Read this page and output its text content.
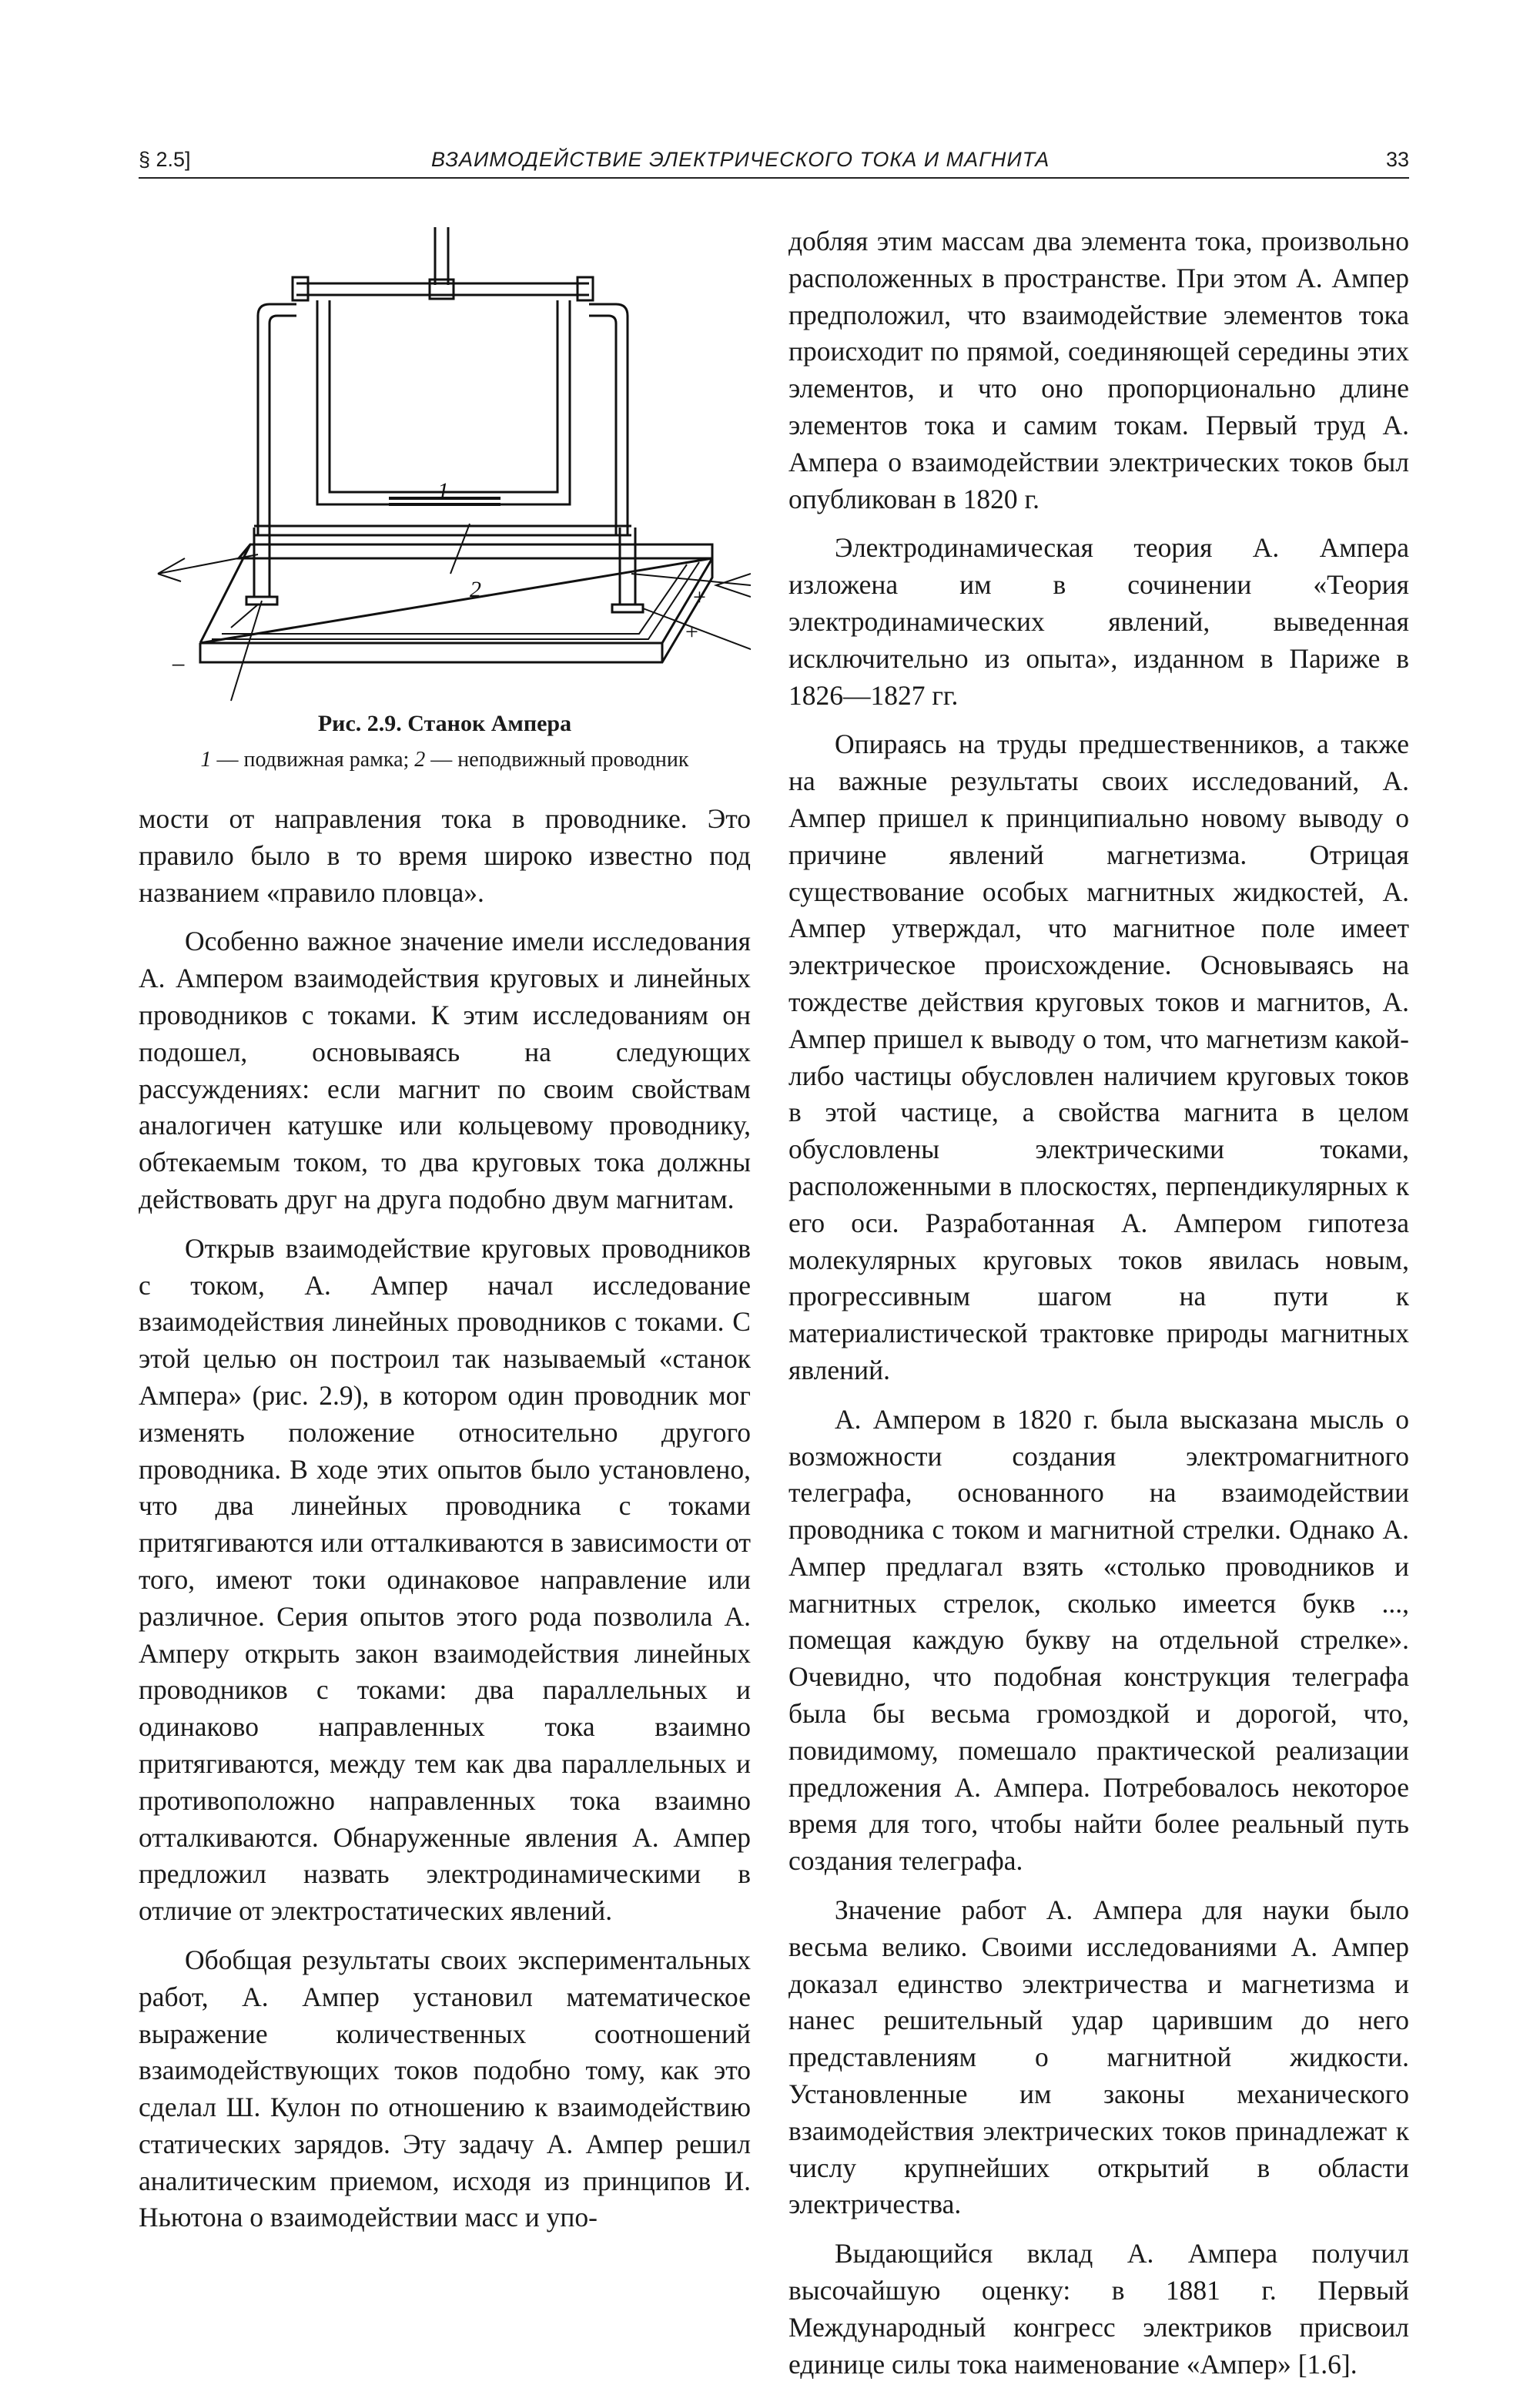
§ 2.5]	ВЗАИМОДЕЙСТВИЕ ЭЛЕКТРИЧЕСКОГО ТОКА И МАГНИТА	33
1
2
−
+
+
Рис. 2.9. Станок Ампера
1 — подвижная рамка; 2 — неподвижный проводник

мости от направления тока в проводнике. Это правило было в то время широко известно под названием «правило пловца».

Особенно важное значение имели исследования А. Ампером взаимодействия круговых и линейных проводников с токами. К этим исследованиям он подошел, основываясь на следующих рассуждениях: если магнит по своим свойствам аналогичен катушке или кольцевому проводнику, обтекаемым током, то два круговых тока должны действовать друг на друга подобно двум магнитам.

Открыв взаимодействие круговых проводников с током, А. Ампер начал исследование взаимодействия линейных проводников с токами. С этой целью он построил так называемый «станок Ампера» (рис. 2.9), в котором один проводник мог изменять положение относительно другого проводника. В ходе этих опытов было установлено, что два линейных проводника с токами притягиваются или отталкиваются в зависимости от того, имеют токи одинаковое направление или различное. Серия опытов этого рода позволила А. Амперу открыть закон взаимодействия линейных проводников с токами: два параллельных и одинаково направленных тока взаимно притягиваются, между тем как два параллельных и противоположно направленных тока взаимно отталкиваются. Обнаруженные явления А. Ампер предложил назвать электродинамическими в отличие от электростатических явлений.

Обобщая результаты своих экспериментальных работ, А. Ампер установил математическое выражение количественных соотношений взаимодействующих токов подобно тому, как это сделал Ш. Кулон по отношению к взаимодействию статических зарядов. Эту задачу А. Ампер решил аналитическим приемом, исходя из принципов И. Ньютона о взаимодействии масс и упо-

добляя этим массам два элемента тока, произвольно расположенных в пространстве. При этом А. Ампер предположил, что взаимодействие элементов тока происходит по прямой, соединяющей середины этих элементов, и что оно пропорционально длине элементов тока и самим токам. Первый труд А. Ампера о взаимодействии электрических токов был опубликован в 1820 г.

Электродинамическая теория А. Ампера изложена им в сочинении «Теория электродинамических явлений, выведенная исключительно из опыта», изданном в Париже в 1826—1827 гг.

Опираясь на труды предшественников, а также на важные результаты своих исследований, А. Ампер пришел к принципиально новому выводу о причине явлений магнетизма. Отрицая существование особых магнитных жидкостей, А. Ампер утверждал, что магнитное поле имеет электрическое происхождение. Основываясь на тождестве действия круговых токов и магнитов, А. Ампер пришел к выводу о том, что магнетизм какой-либо частицы обусловлен наличием круговых токов в этой частице, а свойства магнита в целом обусловлены электрическими токами, расположенными в плоскостях, перпендикулярных к его оси. Разработанная А. Ампером гипотеза молекулярных круговых токов явилась новым, прогрессивным шагом на пути к материалистической трактовке природы магнитных явлений.

А. Ампером в 1820 г. была высказана мысль о возможности создания электромагнитного телеграфа, основанного на взаимодействии проводника с током и магнитной стрелки. Однако А. Ампер предлагал взять «столько проводников и магнитных стрелок, сколько имеется букв ..., помещая каждую букву на отдельной стрелке». Очевидно, что подобная конструкция телеграфа была бы весьма громоздкой и дорогой, что, повидимому, помешало практической реализации предложения А. Ампера. Потребовалось некоторое время для того, чтобы найти более реальный путь создания телеграфа.

Значение работ А. Ампера для науки было весьма велико. Своими исследованиями А. Ампер доказал единство электричества и магнетизма и нанес решительный удар царившим до него представлениям о магнитной жидкости. Установленные им законы механического взаимодействия электрических токов принадлежат к числу крупнейших открытий в области электричества.

Выдающийся вклад А. Ампера получил высочайшую оценку: в 1881 г. Первый Международный конгресс электриков присвоил единице силы тока наименование «Ампер» [1.6].
